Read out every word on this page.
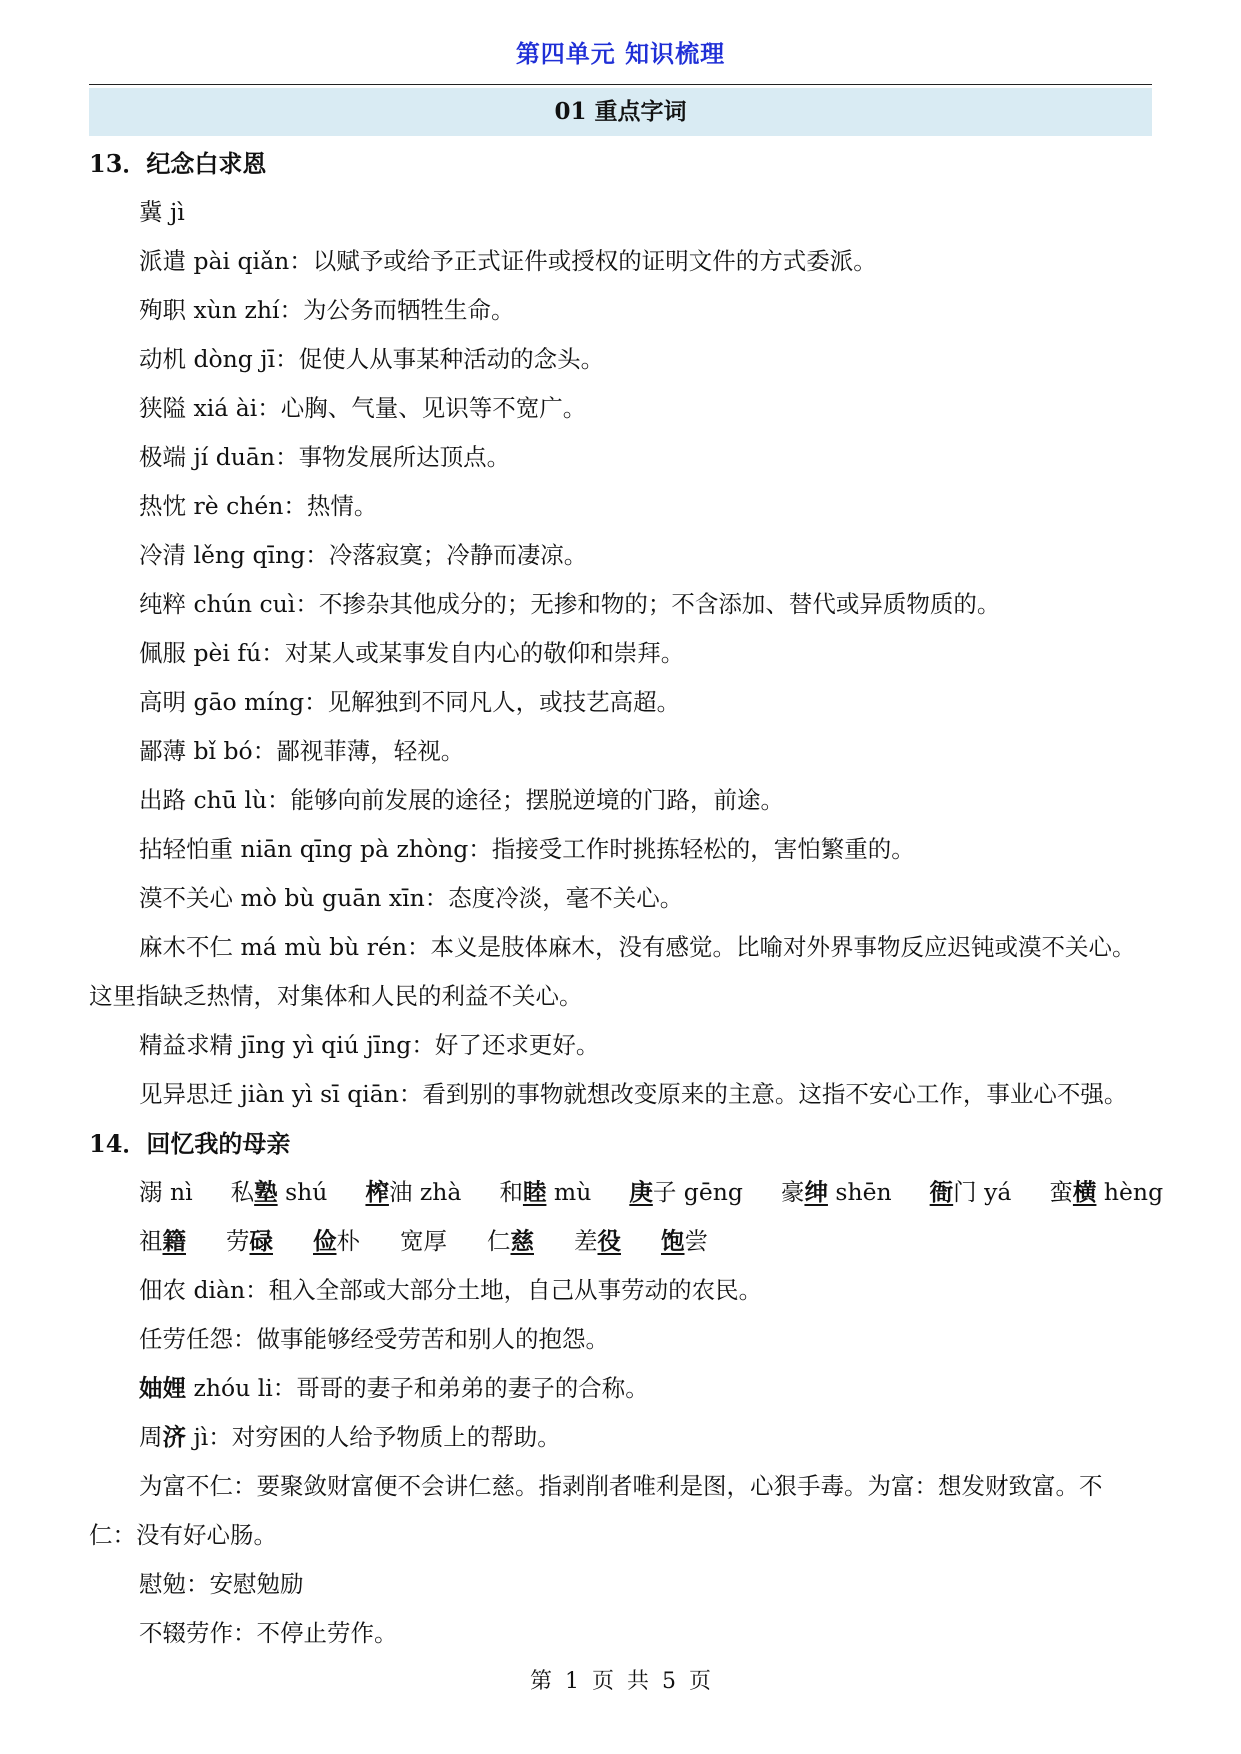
第四单元 知识梳理
01 重点字词
13．纪念白求恩
冀 jì
派遣 pài qiǎn：以赋予或给予正式证件或授权的证明文件的方式委派。
殉职 xùn zhí：为公务而牺牲生命。
动机 dòng jī：促使人从事某种活动的念头。
狭隘 xiá ài：心胸、气量、见识等不宽广。
极端 jí duān：事物发展所达顶点。
热忱 rè chén：热情。
冷清 lěng qīng：冷落寂寞；冷静而凄凉。
纯粹 chún cuì：不掺杂其他成分的；无掺和物的；不含添加、替代或异质物质的。
佩服 pèi fú：对某人或某事发自内心的敬仰和崇拜。
高明 gāo míng：见解独到不同凡人，或技艺高超。
鄙薄 bǐ bó：鄙视菲薄，轻视。
出路 chū lù：能够向前发展的途径；摆脱逆境的门路，前途。
拈轻怕重 niān qīng pà zhòng：指接受工作时挑拣轻松的，害怕繁重的。
漠不关心 mò bù guān xīn：态度冷淡，毫不关心。
麻木不仁 má mù bù rén：本义是肢体麻木，没有感觉。比喻对外界事物反应迟钝或漠不关心。
这里指缺乏热情，对集体和人民的利益不关心。
精益求精 jīng yì qiú jīng：好了还求更好。
见异思迁 jiàn yì sī qiān：看到别的事物就想改变原来的主意。这指不安心工作，事业心不强。
14．回忆我的母亲
溺 nì 私塾 shú 榨油 zhà 和睦 mù 庚子 gēng 豪绅 shēn 衙门 yá 蛮横 hèng
祖籍 劳碌 俭朴 宽厚 仁慈 差役 饱尝
佃农 diàn：租入全部或大部分土地，自己从事劳动的农民。
任劳任怨：做事能够经受劳苦和别人的抱怨。
妯娌 zhóu li：哥哥的妻子和弟弟的妻子的合称。
周济 jì：对穷困的人给予物质上的帮助。
为富不仁：要聚敛财富便不会讲仁慈。指剥削者唯利是图，心狠手毒。为富：想发财致富。不
仁：没有好心肠。
慰勉：安慰勉励
不辍劳作：不停止劳作。
第 1 页 共 5 页
